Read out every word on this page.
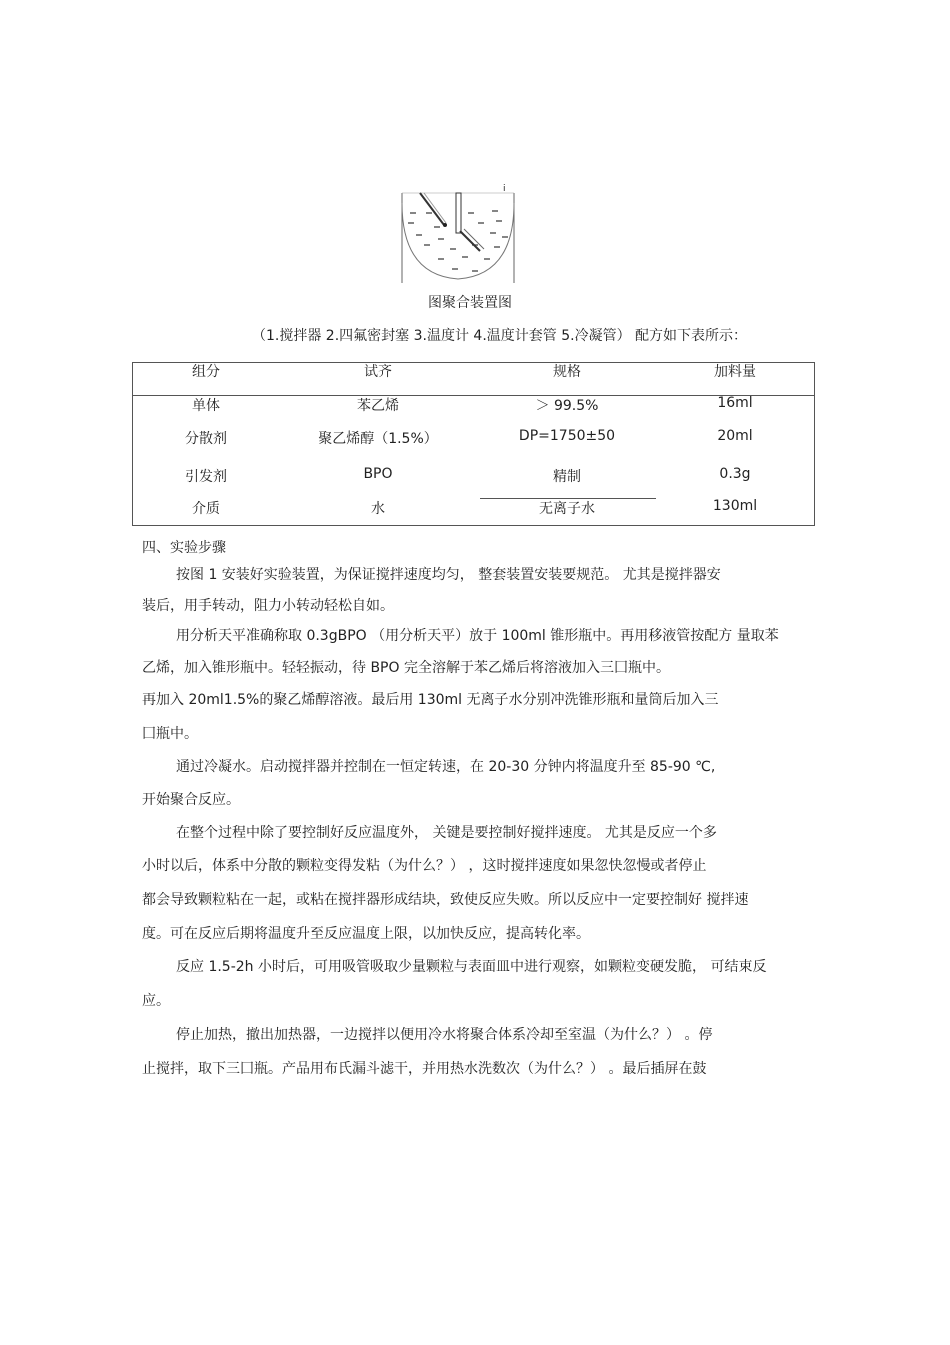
i
图聚合装置图
（1.搅拌器 2.四氟密封塞 3.温度计 4.温度计套管 5.冷凝管） 配方如下表所示：
组分	试齐	规格	加料量
单体	苯乙烯	＞ 99.5%	16ml
分散剂	聚乙烯醇（1.5%）	DP=1750±50	20ml
引发剂	BPO	精制	0.3g
介质	水	无离子水	130ml
四、实验步骤
按图 1 安装好实验装置，为保证搅拌速度均匀， 整套装置安装要规范。 尤其是搅拌器安
装后，用手转动，阻力小转动轻松自如。
用分析天平准确称取 0.3gBPO （用分析天平）放于 100ml 锥形瓶中。再用移液管按配方 量取苯
乙烯，加入锥形瓶中。轻轻振动，待 BPO 完全溶解于苯乙烯后将溶液加入三囗瓶中。
再加入 20ml1.5%的聚乙烯醇溶液。最后用 130ml 无离子水分别冲洗锥形瓶和量筒后加入三
囗瓶中。
通过冷凝水。启动搅拌器并控制在一恒定转速，在 20-30 分钟内将温度升至 85-90 ℃,
开始聚合反应。
在整个过程中除了要控制好反应温度外， 关键是要控制好搅拌速度。 尤其是反应一个多
小时以后，体系中分散的颗粒变得发粘（为什么？） ，这时搅拌速度如果忽快忽慢或者停止
都会导致颗粒粘在一起，或粘在搅拌器形成结块，致使反应失败。所以反应中一定要控制好 搅拌速
度。可在反应后期将温度升至反应温度上限，以加快反应，提高转化率。
反应 1.5-2h 小时后，可用吸管吸取少量颗粒与表面皿中进行观察，如颗粒变硬发脆， 可结束反
应。
停止加热，撤出加热器，一边搅拌以便用冷水将聚合体系冷却至室温（为什么？） 。停
止搅拌，取下三囗瓶。产品用布氏漏斗滤干，并用热水洗数次（为什么？） 。最后插屏在鼓
